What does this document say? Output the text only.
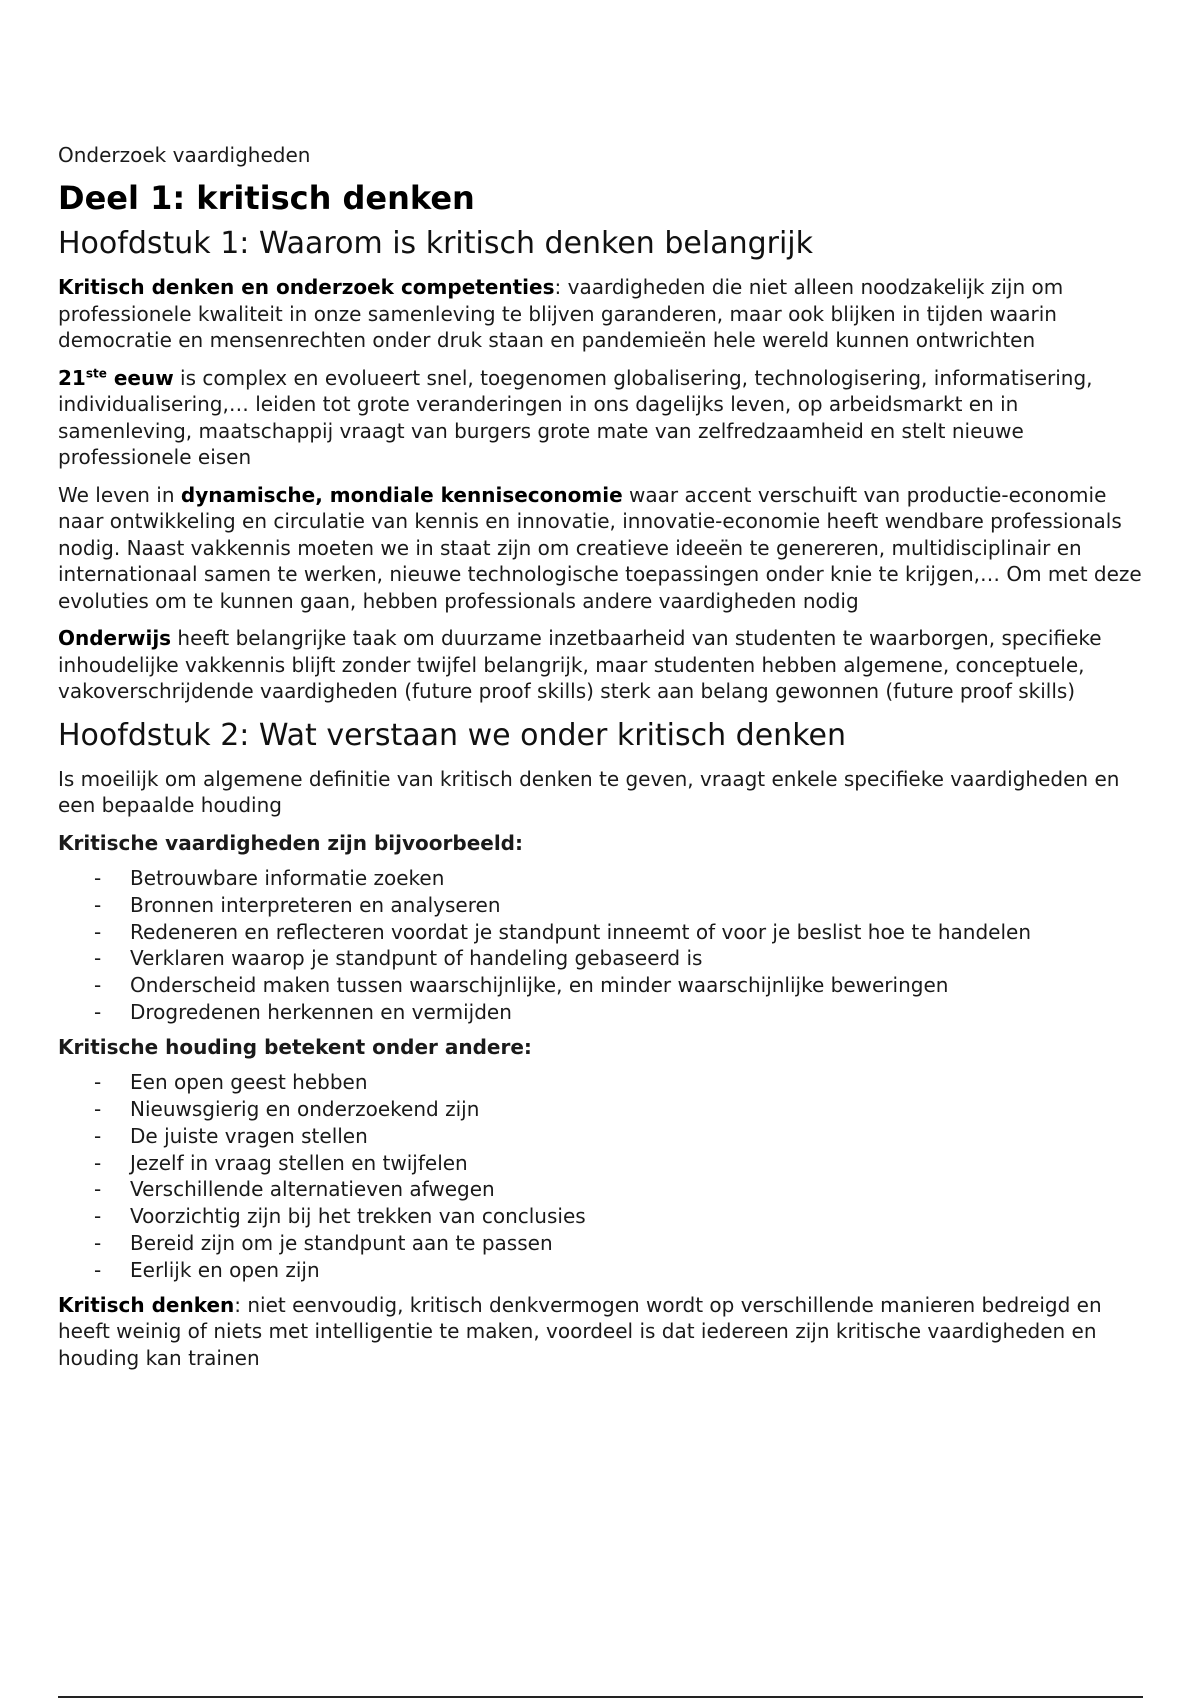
Onderzoek vaardigheden
Deel 1: kritisch denken
Hoofdstuk 1: Waarom is kritisch denken belangrijk

Kritisch denken en onderzoek competenties: vaardigheden die niet alleen noodzakelijk zijn om professionele kwaliteit in onze samenleving te blijven garanderen, maar ook blijken in tijden waarin democratie en mensenrechten onder druk staan en pandemieën hele wereld kunnen ontwrichten

21ste eeuw is complex en evolueert snel, toegenomen globalisering, technologisering, informatisering, individualisering,… leiden tot grote veranderingen in ons dagelijks leven, op arbeidsmarkt en in samenleving, maatschappij vraagt van burgers grote mate van zelfredzaamheid en stelt nieuwe professionele eisen

We leven in dynamische, mondiale kenniseconomie waar accent verschuift van productie-economie naar ontwikkeling en circulatie van kennis en innovatie, innovatie-economie heeft wendbare professionals nodig. Naast vakkennis moeten we in staat zijn om creatieve ideeën te genereren, multidisciplinair en internationaal samen te werken, nieuwe technologische toepassingen onder knie te krijgen,… Om met deze evoluties om te kunnen gaan, hebben professionals andere vaardigheden nodig

Onderwijs heeft belangrijke taak om duurzame inzetbaarheid van studenten te waarborgen, specifieke inhoudelijke vakkennis blijft zonder twijfel belangrijk, maar studenten hebben algemene, conceptuele, vakoverschrijdende vaardigheden (future proof skills) sterk aan belang gewonnen (future proof skills)

Hoofdstuk 2: Wat verstaan we onder kritisch denken

Is moeilijk om algemene definitie van kritisch denken te geven, vraagt enkele specifieke vaardigheden en een bepaalde houding

Kritische vaardigheden zijn bijvoorbeeld:

- Betrouwbare informatie zoeken
- Bronnen interpreteren en analyseren
- Redeneren en reflecteren voordat je standpunt inneemt of voor je beslist hoe te handelen
- Verklaren waarop je standpunt of handeling gebaseerd is
- Onderscheid maken tussen waarschijnlijke, en minder waarschijnlijke beweringen
- Drogredenen herkennen en vermijden

Kritische houding betekent onder andere:

- Een open geest hebben
- Nieuwsgierig en onderzoekend zijn
- De juiste vragen stellen
- Jezelf in vraag stellen en twijfelen
- Verschillende alternatieven afwegen
- Voorzichtig zijn bij het trekken van conclusies
- Bereid zijn om je standpunt aan te passen
- Eerlijk en open zijn

Kritisch denken: niet eenvoudig, kritisch denkvermogen wordt op verschillende manieren bedreigd en heeft weinig of niets met intelligentie te maken, voordeel is dat iedereen zijn kritische vaardigheden en houding kan trainen
